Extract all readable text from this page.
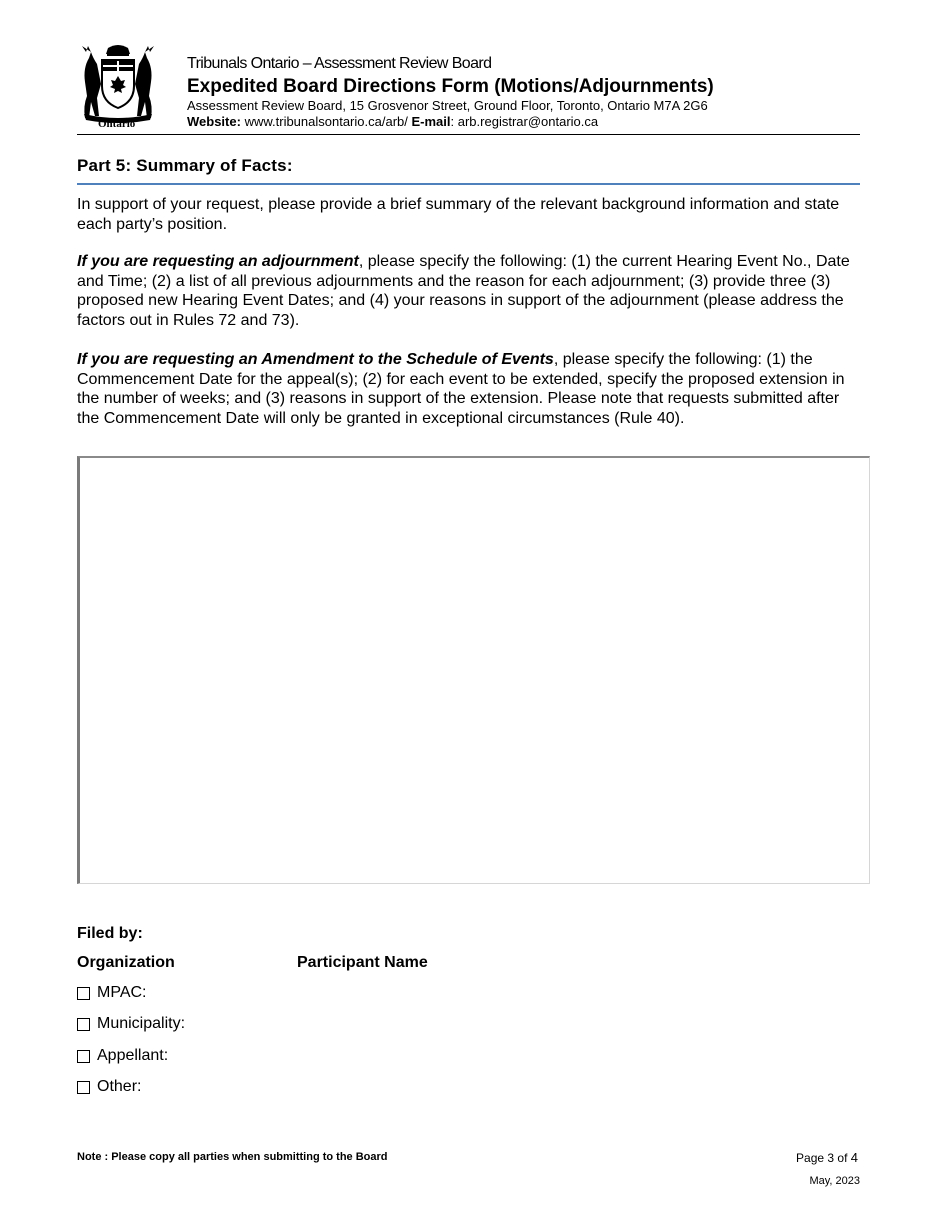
Ontario
Tribunals Ontario – Assessment Review Board
Expedited Board Directions Form (Motions/Adjournments)
Assessment Review Board, 15 Grosvenor Street, Ground Floor, Toronto, Ontario M7A 2G6
Website: www.tribunalsontario.ca/arb/ E-mail: arb.registrar@ontario.ca
Part 5: Summary of Facts:
In support of your request, please provide a brief summary of the relevant background information and state each party’s position.
If you are requesting an adjournment, please specify the following: (1) the current Hearing Event No., Date and Time; (2) a list of all previous adjournments and the reason for each adjournment; (3) provide three (3) proposed new Hearing Event Dates; and (4) your reasons in support of the adjournment (please address the factors out in Rules 72 and 73).
If you are requesting an Amendment to the Schedule of Events, please specify the following: (1) the Commencement Date for the appeal(s); (2) for each event to be extended, specify the proposed extension in the number of weeks; and (3) reasons in support of the extension. Please note that requests submitted after the Commencement Date will only be granted in exceptional circumstances (Rule 40).
Filed by:
Organization	Participant Name
MPAC:
Municipality:
Appellant:
Other:
Note : Please copy all parties when submitting to the Board	Page 3 of 4
May, 2023
